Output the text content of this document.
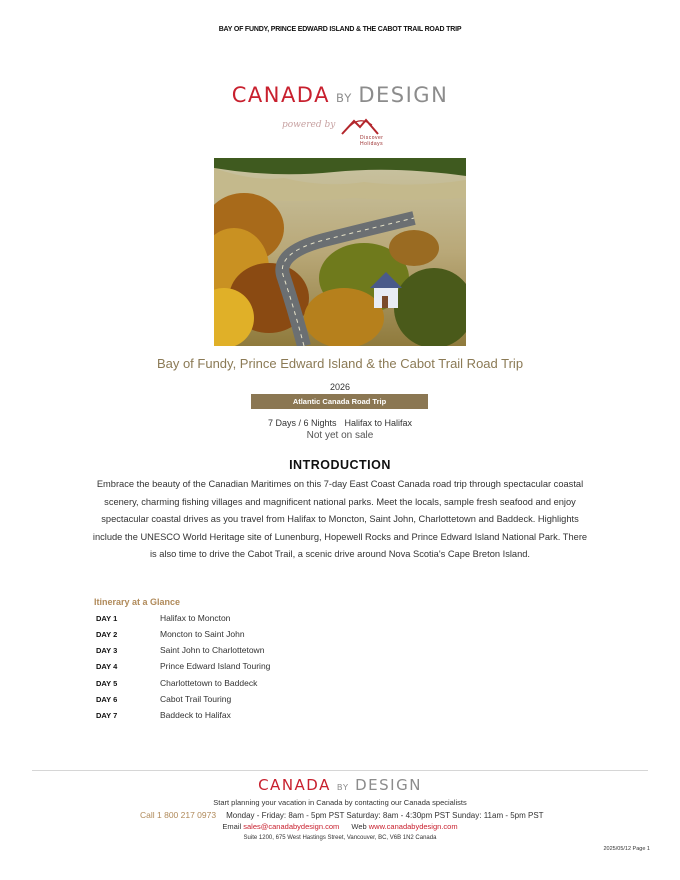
BAY OF FUNDY, PRINCE EDWARD ISLAND & THE CABOT TRAIL ROAD TRIP
CANADA BY DESIGN
powered by
Discover Holidays
Bay of Fundy, Prince Edward Island & the Cabot Trail Road Trip
2026
Atlantic Canada Road Trip
7 Days / 6 Nights Halifax to Halifax
Not yet on sale
INTRODUCTION
Embrace the beauty of the Canadian Maritimes on this 7-day East Coast Canada road trip through spectacular coastal scenery, charming fishing villages and magnificent national parks. Meet the locals, sample fresh seafood and enjoy spectacular coastal drives as you travel from Halifax to Moncton, Saint John, Charlottetown and Baddeck. Highlights include the UNESCO World Heritage site of Lunenburg, Hopewell Rocks and Prince Edward Island National Park. There is also time to drive the Cabot Trail, a scenic drive around Nova Scotia's Cape Breton Island.
Itinerary at a Glance
DAY 1	Halifax to Moncton
DAY 2	Moncton to Saint John
DAY 3	Saint John to Charlottetown
DAY 4	Prince Edward Island Touring
DAY 5	Charlottetown to Baddeck
DAY 6	Cabot Trail Touring
DAY 7	Baddeck to Halifax
CANADA BY DESIGN
Start planning your vacation in Canada by contacting our Canada specialists
Call 1 800 217 0973 Monday - Friday: 8am - 5pm PST Saturday: 8am - 4:30pm PST Sunday: 11am - 5pm PST
Email sales@canadabydesign.com Web www.canadabydesign.com
Suite 1200, 675 West Hastings Street, Vancouver, BC, V6B 1N2 Canada
2025/05/12 Page 1
